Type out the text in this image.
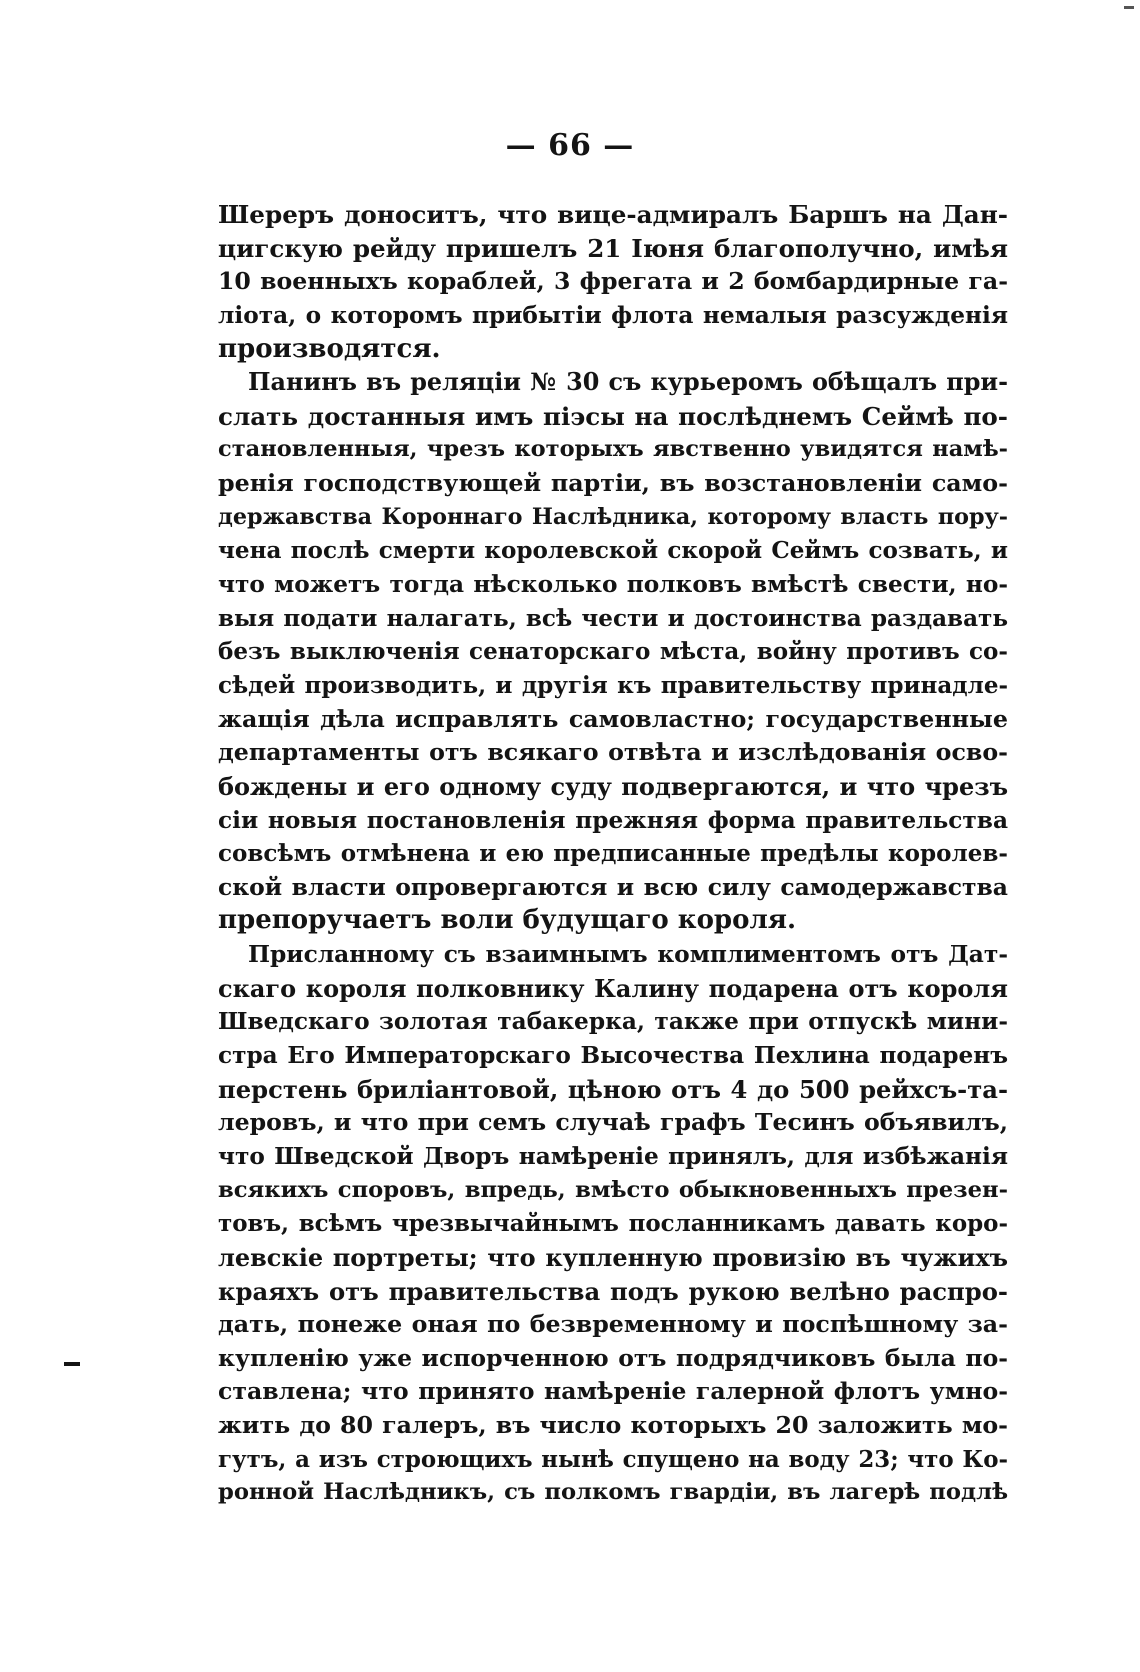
— 66 —
Шереръ доноситъ, что вице-адмиралъ Баршъ на Дан-
цигскую рейду пришелъ 21 Іюня благополучно, имѣя
10 военныхъ кораблей, 3 фрегата и 2 бомбардирные га-
ліота, о которомъ прибытіи флота немалыя разсужденія
производятся.
Панинъ въ реляціи № 30 съ курьеромъ обѣщалъ при-
слать достанныя имъ піэсы на послѣднемъ Сеймѣ по-
становленныя, чрезъ которыхъ явственно увидятся намѣ-
ренія господствующей партіи, въ возстановленіи само-
державства Короннаго Наслѣдника, которому власть пору-
чена послѣ смерти королевской скорой Сеймъ созвать, и
что можетъ тогда нѣсколько полковъ вмѣстѣ свести, но-
выя подати налагать, всѣ чести и достоинства раздавать
безъ выключенія сенаторскаго мѣста, войну противъ со-
сѣдей производить, и другія къ правительству принадле-
жащія дѣла исправлять самовластно; государственные
департаменты отъ всякаго отвѣта и изслѣдованія осво-
бождены и его одному суду подвергаются, и что чрезъ
сіи новыя постановленія прежняя форма правительства
совсѣмъ отмѣнена и ею предписанные предѣлы королев-
ской власти опровергаются и всю силу самодержавства
препоручаетъ воли будущаго короля.
Присланному съ взаимнымъ комплиментомъ отъ Дат-
скаго короля полковнику Калину подарена отъ короля
Шведскаго золотая табакерка, также при отпускѣ мини-
стра Его Императорскаго Высочества Пехлина подаренъ
перстень бриліантовой, цѣною отъ 4 до 500 рейхсъ-та-
леровъ, и что при семъ случаѣ графъ Тесинъ объявилъ,
что Шведской Дворъ намѣреніе принялъ, для избѣжанія
всякихъ споровъ, впредь, вмѣсто обыкновенныхъ презен-
товъ, всѣмъ чрезвычайнымъ посланникамъ давать коро-
левскіе портреты; что купленную провизію въ чужихъ
краяхъ отъ правительства подъ рукою велѣно распро-
дать, понеже оная по безвременному и поспѣшному за-
купленію уже испорченною отъ подрядчиковъ была по-
ставлена; что принято намѣреніе галерной флотъ умно-
жить до 80 галеръ, въ число которыхъ 20 заложить мо-
гутъ, а изъ строющихъ нынѣ спущено на воду 23; что Ко-
ронной Наслѣдникъ, съ полкомъ гвардіи, въ лагерѣ подлѣ
